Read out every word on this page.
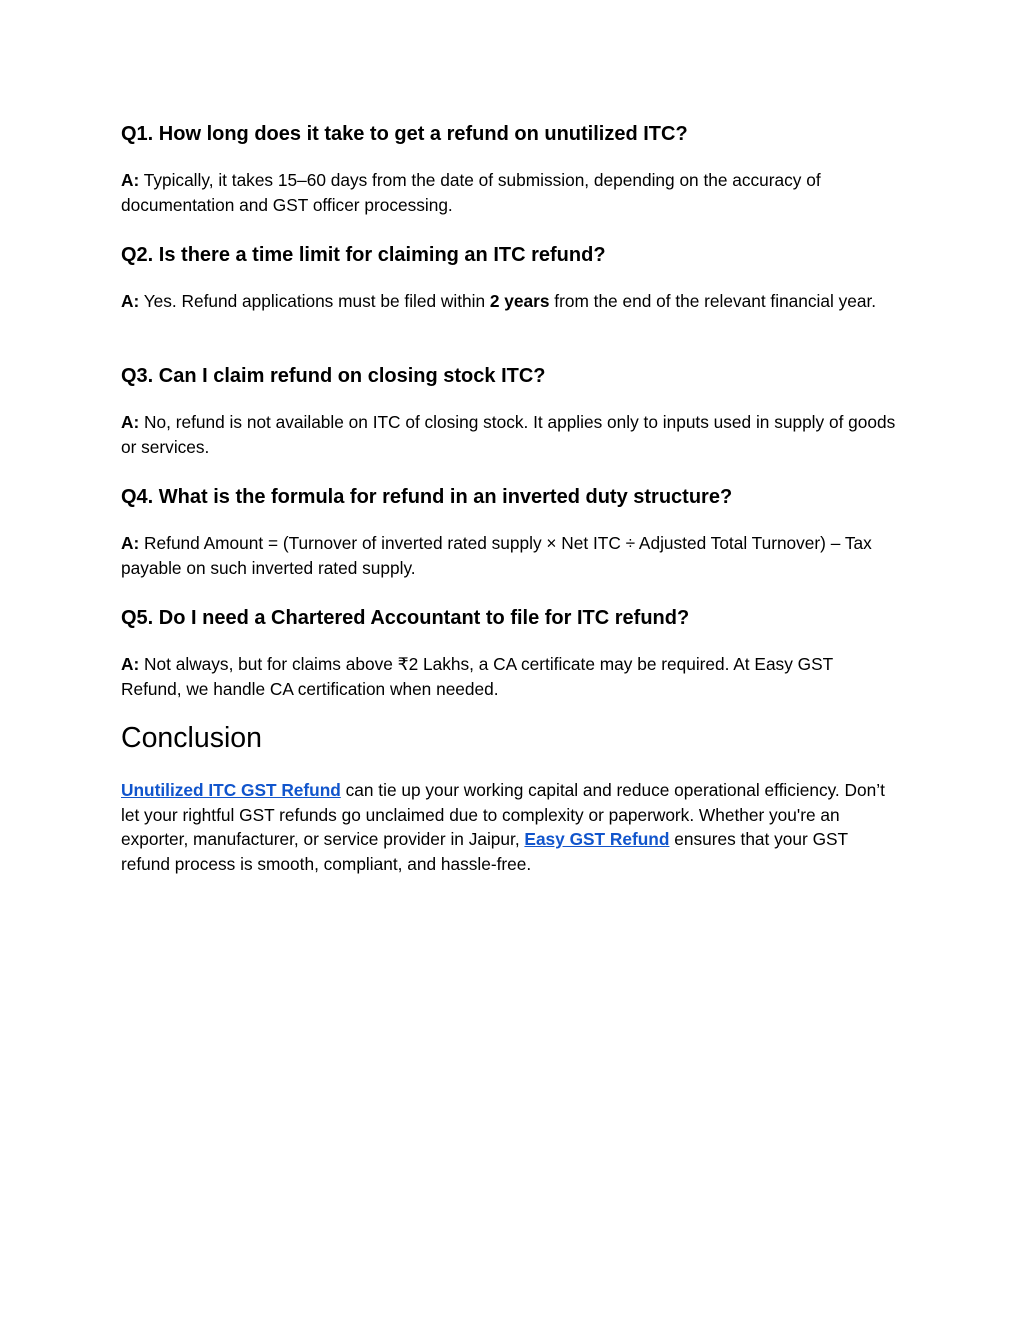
Q1. How long does it take to get a refund on unutilized ITC?

A: Typically, it takes 15–60 days from the date of submission, depending on the accuracy of documentation and GST officer processing.

Q2. Is there a time limit for claiming an ITC refund?

A: Yes. Refund applications must be filed within 2 years from the end of the relevant financial year.

Q3. Can I claim refund on closing stock ITC?

A: No, refund is not available on ITC of closing stock. It applies only to inputs used in supply of goods or services.

Q4. What is the formula for refund in an inverted duty structure?

A: Refund Amount = (Turnover of inverted rated supply × Net ITC ÷ Adjusted Total Turnover) – Tax payable on such inverted rated supply.

Q5. Do I need a Chartered Accountant to file for ITC refund?

A: Not always, but for claims above ₹2 Lakhs, a CA certificate may be required. At Easy GST Refund, we handle CA certification when needed.

Conclusion

Unutilized ITC GST Refund can tie up your working capital and reduce operational efficiency. Don’t let your rightful GST refunds go unclaimed due to complexity or paperwork. Whether you're an exporter, manufacturer, or service provider in Jaipur, Easy GST Refund ensures that your GST refund process is smooth, compliant, and hassle-free.
